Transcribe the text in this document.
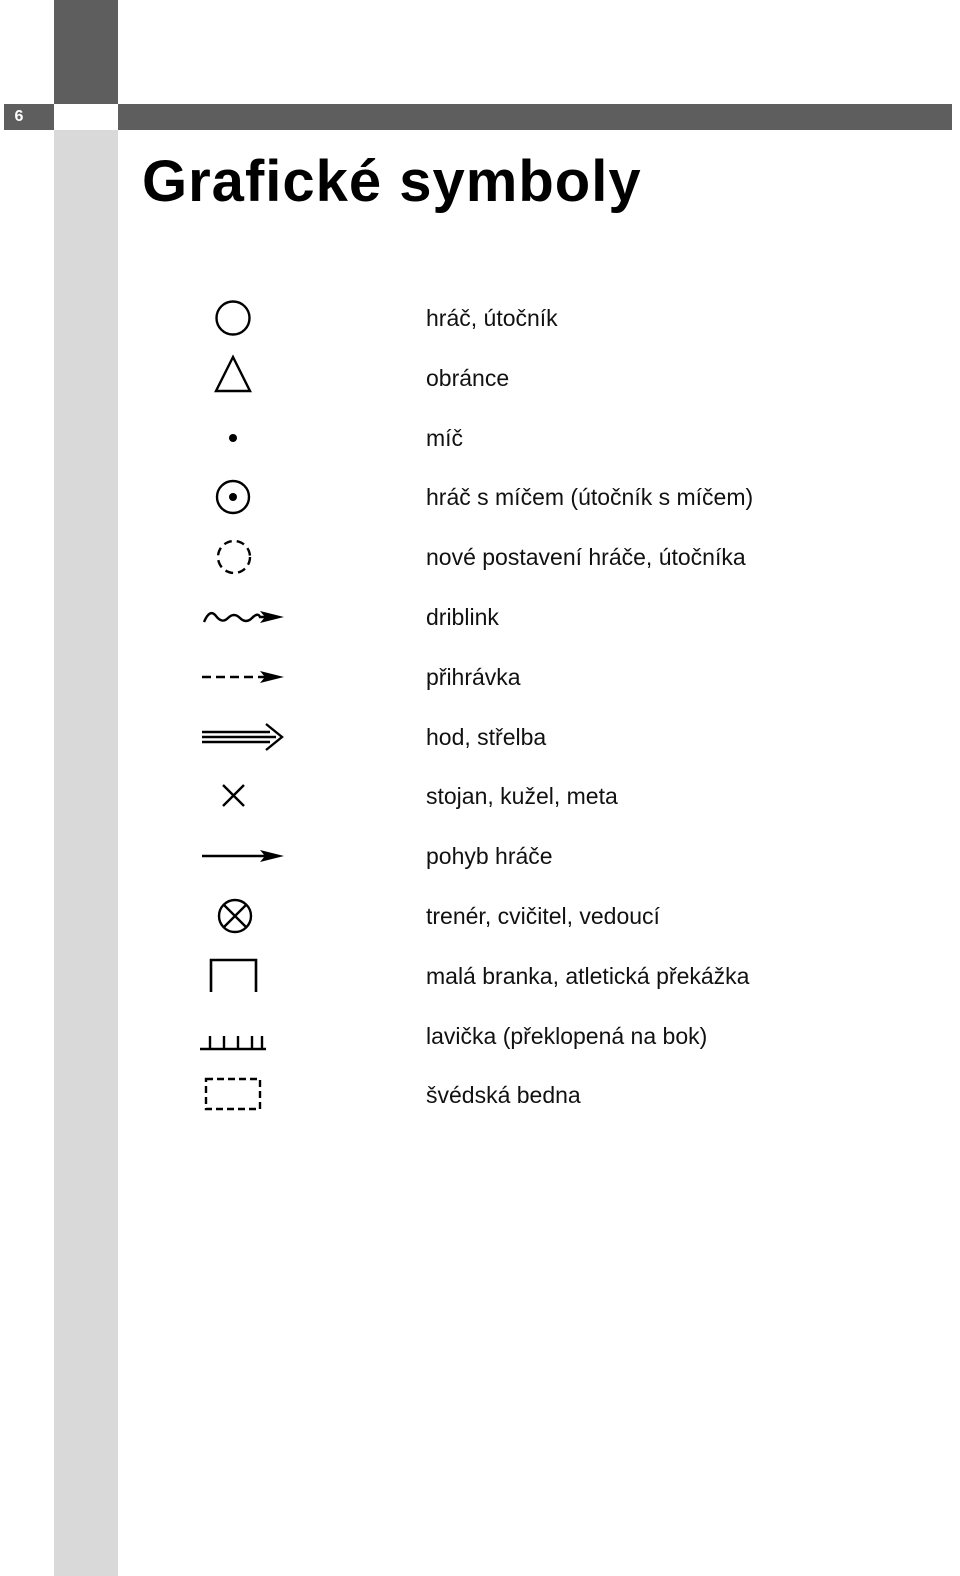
6
Grafické symboly
hráč, útočník
obránce
míč
hráč s míčem (útočník s míčem)
nové postavení hráče, útočníka
driblink
přihrávka
hod, střelba
stojan, kužel, meta
pohyb hráče
trenér, cvičitel, vedoucí
malá branka, atletická překážka
lavička (překlopená na bok)
švédská bedna
